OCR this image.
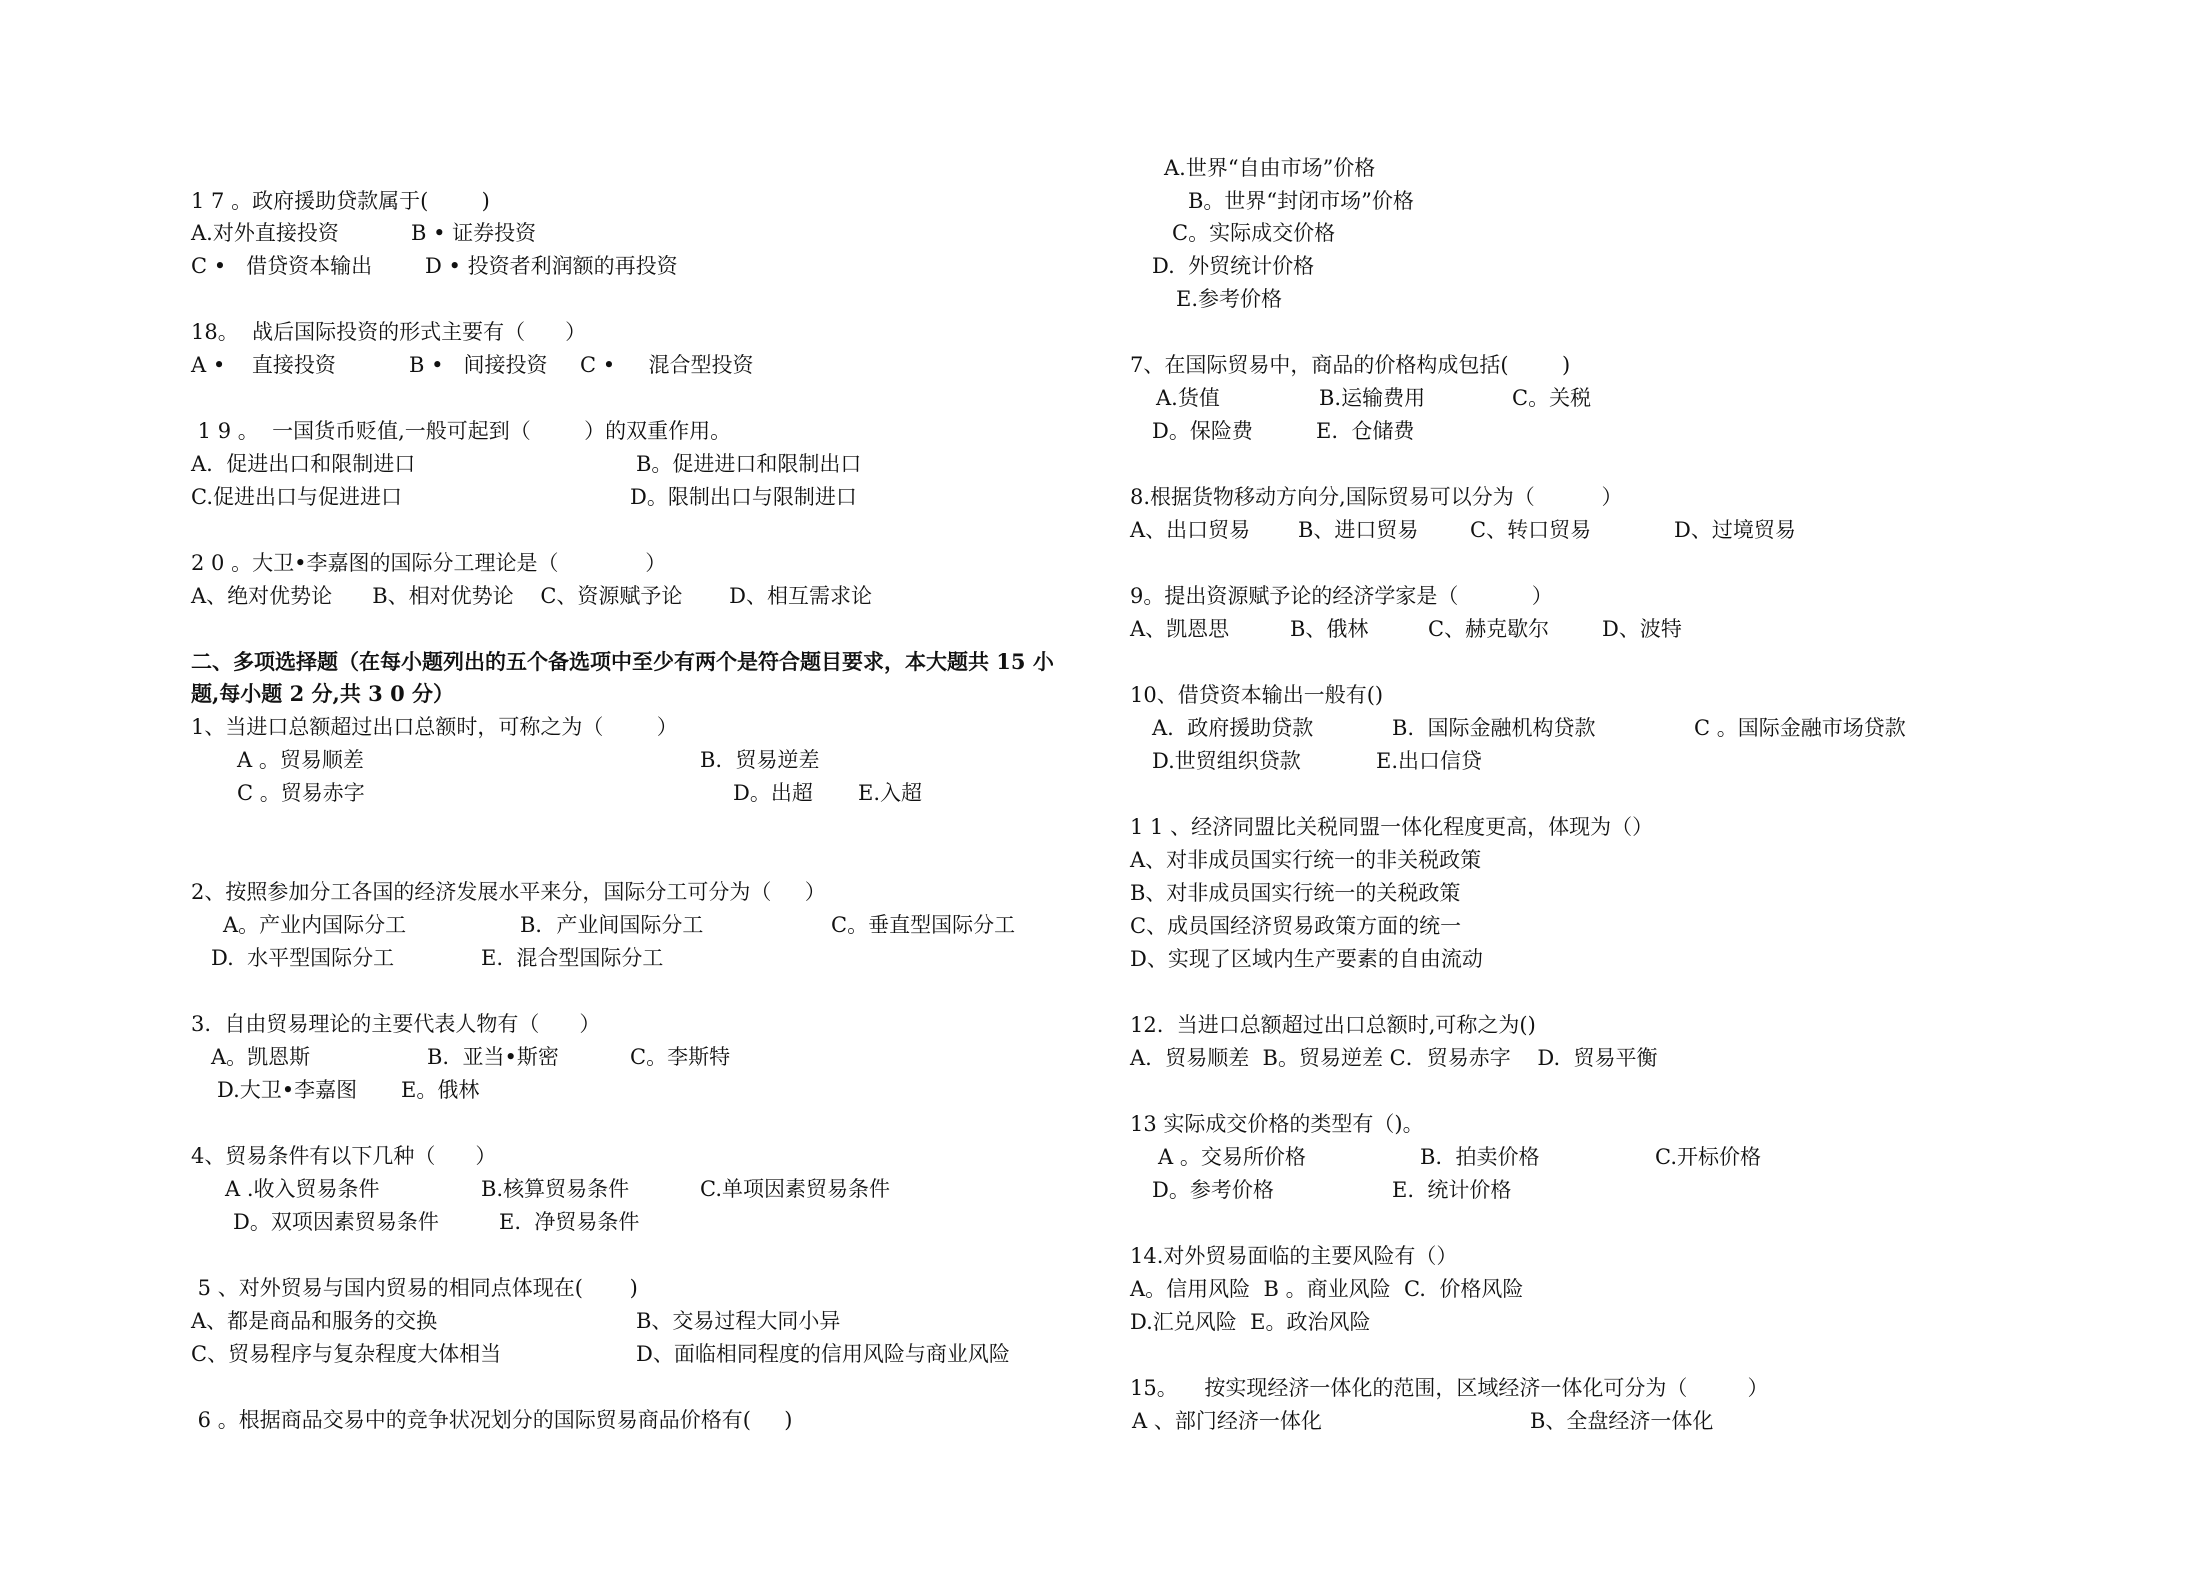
1 7 。政府援助贷款属于(        )
A.对外直接投资	B • 证券投资
C •   借贷资本输出	D • 投资者利润额的再投资
18。  战后国际投资的形式主要有（      ）
A •    直接投资	B •   间接投资 C •     混合型投资
1 9 。  一国货币贬值,一般可起到（        ）的双重作用。
A.  促进出口和限制进口	B。促进进口和限制出口
C.促进出口与促进进口	D。限制出口与限制进口
2 0 。大卫•李嘉图的国际分工理论是（             ）
A、绝对优势论      B、相对优势论    C、资源赋予论       D、相互需求论
二、多项选择题（在每小题列出的五个备选项中至少有两个是符合题目要求，本大题共 15 小
题,每小题 2 分,共 3 0 分）
1、当进口总额超过出口总额时，可称之为（        ）
A 。贸易顺差	B.  贸易逆差
C 。贸易赤字	D。出超 E.入超
2、按照参加分工各国的经济发展水平来分，国际分工可分为（     ）
A。产业内国际分工	B．产业间国际分工	C。垂直型国际分工
D.  水平型国际分工	E.  混合型国际分工
3.  自由贸易理论的主要代表人物有（      ）
A。凯恩斯	B.  亚当•斯密	C。李斯特
D.大卫•李嘉图 E。俄林
4、贸易条件有以下几种（      ）
A .收入贸易条件	B.核算贸易条件	C.单项因素贸易条件
D。双项因素贸易条件	E.  净贸易条件
5 、对外贸易与国内贸易的相同点体现在(       )
A、都是商品和服务的交换	B、交易过程大同小异
C、贸易程序与复杂程度大体相当	D、面临相同程度的信用风险与商业风险
6 。根据商品交易中的竞争状况划分的国际贸易商品价格有(     )
A.世界“自由市场”价格
B。世界“封闭市场”价格
C。实际成交价格
D.  外贸统计价格
E.参考价格
7、在国际贸易中，商品的价格构成包括(        )
A.货值	B.运输费用	C。关税
D。保险费	E.  仓储费
8.根据货物移动方向分,国际贸易可以分为（          ）
A、出口贸易 B、进口贸易 C、转口贸易	D、过境贸易
9。提出资源赋予论的经济学家是（           ）
A、凯恩思	B、俄林	C、赫克歇尔	D、波特
10、借贷资本输出一般有()
A.  政府援助贷款	B.  国际金融机构贷款	C 。国际金融市场贷款
D.世贸组织贷款	E.出口信贷
1 1 、经济同盟比关税同盟一体化程度更高，体现为（）
A、对非成员国实行统一的非关税政策
B、对非成员国实行统一的关税政策
C、成员国经济贸易政策方面的统一
D、实现了区域内生产要素的自由流动
12.  当进口总额超过出口总额时,可称之为()
A.  贸易顺差  B。贸易逆差 C．贸易赤字    D.  贸易平衡
13 实际成交价格的类型有（)。
A 。交易所价格	B.  拍卖价格	C.开标价格
D。参考价格	E.  统计价格
14.对外贸易面临的主要风险有（）
A。信用风险  B 。商业风险  C.  价格风险
D.汇兑风险  E。政治风险
15。    按实现经济一体化的范围，区域经济一体化可分为（         ）
A 、部门经济一体化	B、全盘经济一体化
